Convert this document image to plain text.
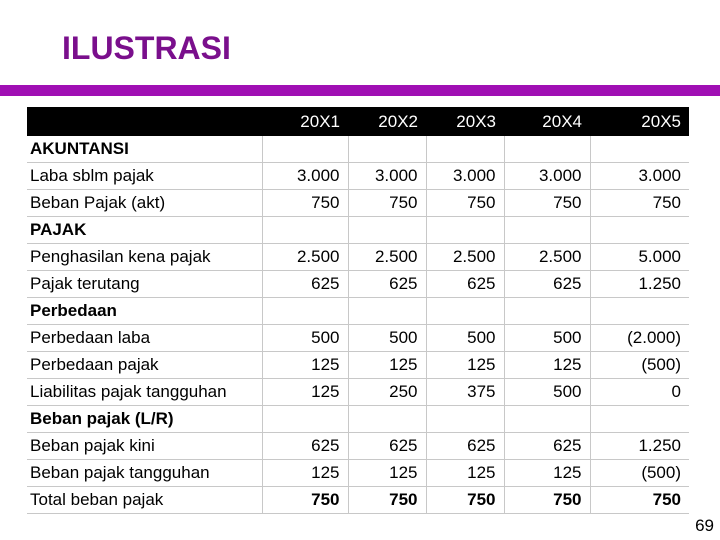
ILUSTRASI
	20X1	20X2	20X3	20X4	20X5
AKUNTANSI					
Laba sblm pajak	3.000	3.000	3.000	3.000	3.000
Beban Pajak (akt)	750	750	750	750	750
PAJAK					
Penghasilan kena pajak	2.500	2.500	2.500	2.500	5.000
Pajak terutang	625	625	625	625	1.250
Perbedaan					
Perbedaan laba	500	500	500	500	(2.000)
Perbedaan pajak	125	125	125	125	(500)
Liabilitas pajak tangguhan	125	250	375	500	0
Beban pajak (L/R)					
Beban pajak kini	625	625	625	625	1.250
Beban pajak tangguhan	125	125	125	125	(500)
Total beban pajak	750	750	750	750	750
69
